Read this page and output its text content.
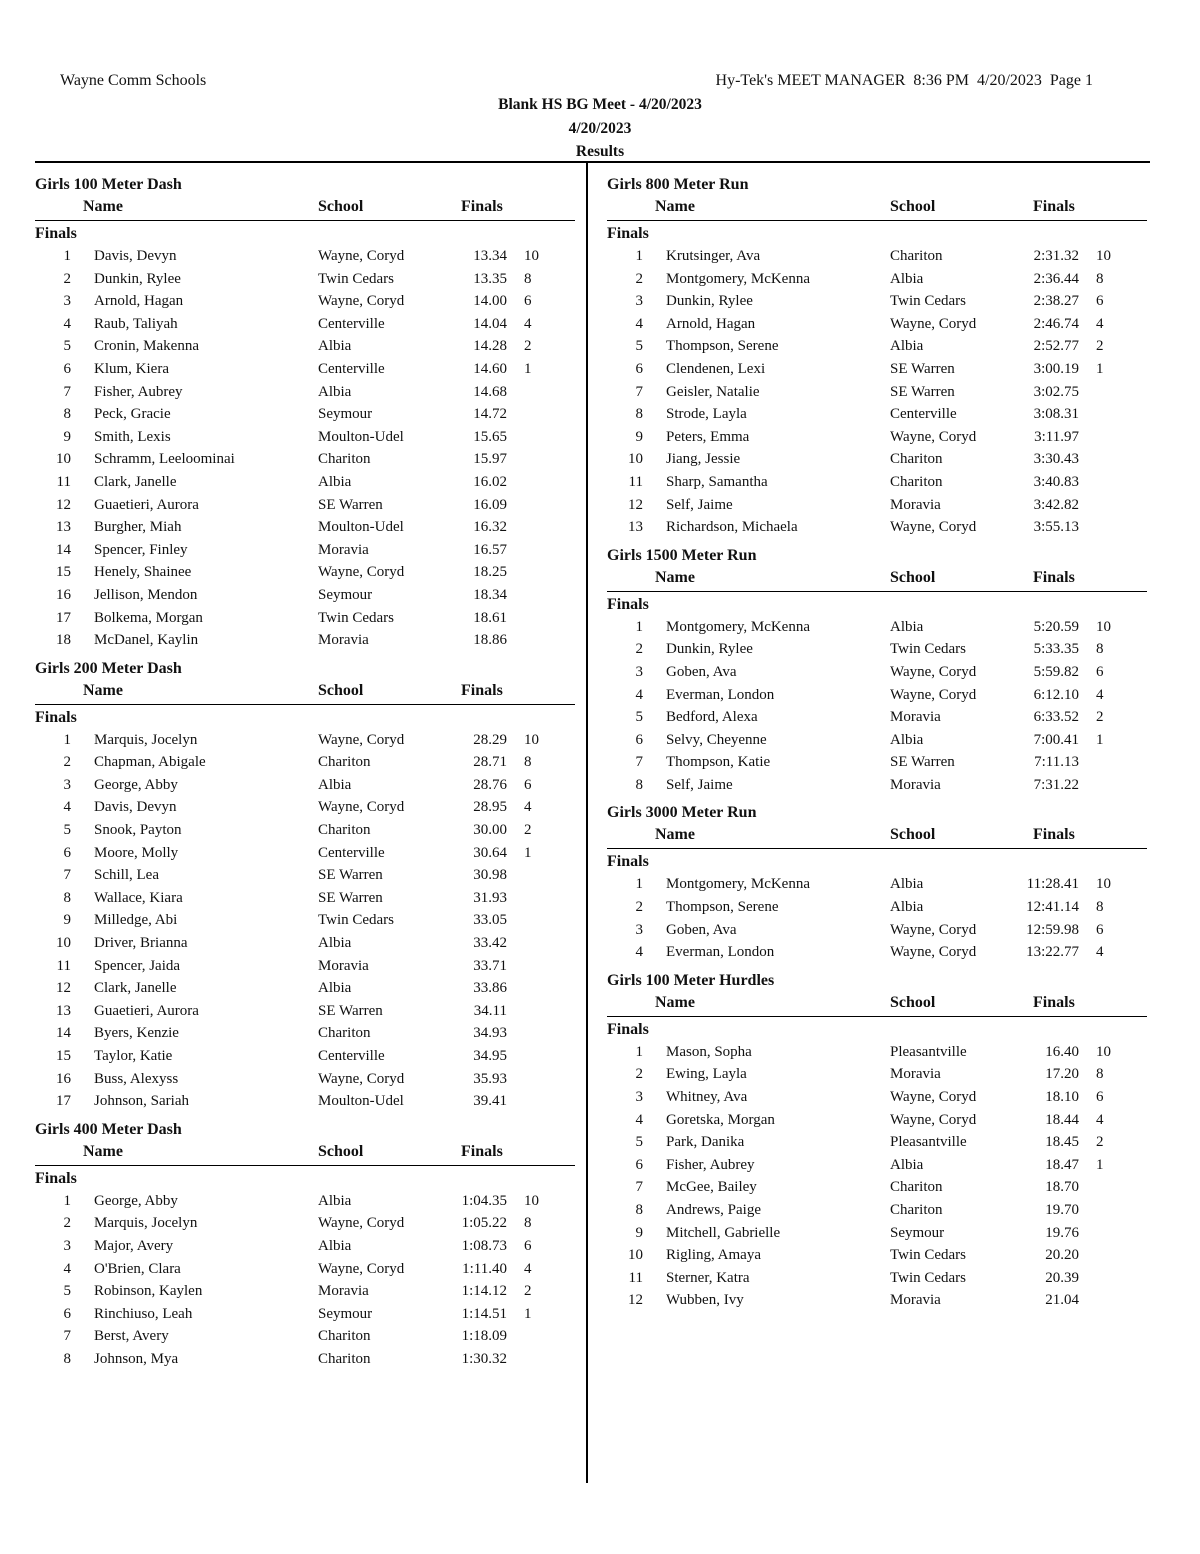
Wayne Comm Schools	Hy-Tek's MEET MANAGER  8:36 PM  4/20/2023  Page 1
Blank HS BG Meet - 4/20/2023
4/20/2023
Results
Girls 100 Meter Dash
Name	School	Finals
Finals
1 Davis, Devyn	Wayne, Coryd	13.34 10
2 Dunkin, Rylee	Twin Cedars	13.35 8
3 Arnold, Hagan	Wayne, Coryd	14.00 6
4 Raub, Taliyah	Centerville	14.04 4
5 Cronin, Makenna	Albia	14.28 2
6 Klum, Kiera	Centerville	14.60 1
7 Fisher, Aubrey	Albia	14.68
8 Peck, Gracie	Seymour	14.72
9 Smith, Lexis	Moulton-Udel	15.65
10 Schramm, Leeloominai	Chariton	15.97
11 Clark, Janelle	Albia	16.02
12 Guaetieri, Aurora	SE Warren	16.09
13 Burgher, Miah	Moulton-Udel	16.32
14 Spencer, Finley	Moravia	16.57
15 Henely, Shainee	Wayne, Coryd	18.25
16 Jellison, Mendon	Seymour	18.34
17 Bolkema, Morgan	Twin Cedars	18.61
18 McDanel, Kaylin	Moravia	18.86
Girls 200 Meter Dash
Name	School	Finals
Finals
1 Marquis, Jocelyn	Wayne, Coryd	28.29 10
2 Chapman, Abigale	Chariton	28.71 8
3 George, Abby	Albia	28.76 6
4 Davis, Devyn	Wayne, Coryd	28.95 4
5 Snook, Payton	Chariton	30.00 2
6 Moore, Molly	Centerville	30.64 1
7 Schill, Lea	SE Warren	30.98
8 Wallace, Kiara	SE Warren	31.93
9 Milledge, Abi	Twin Cedars	33.05
10 Driver, Brianna	Albia	33.42
11 Spencer, Jaida	Moravia	33.71
12 Clark, Janelle	Albia	33.86
13 Guaetieri, Aurora	SE Warren	34.11
14 Byers, Kenzie	Chariton	34.93
15 Taylor, Katie	Centerville	34.95
16 Buss, Alexyss	Wayne, Coryd	35.93
17 Johnson, Sariah	Moulton-Udel	39.41
Girls 400 Meter Dash
Name	School	Finals
Finals
1 George, Abby	Albia	1:04.35 10
2 Marquis, Jocelyn	Wayne, Coryd	1:05.22 8
3 Major, Avery	Albia	1:08.73 6
4 O'Brien, Clara	Wayne, Coryd	1:11.40 4
5 Robinson, Kaylen	Moravia	1:14.12 2
6 Rinchiuso, Leah	Seymour	1:14.51 1
7 Berst, Avery	Chariton	1:18.09
8 Johnson, Mya	Chariton	1:30.32
Girls 800 Meter Run
Name	School	Finals
Finals
1 Krutsinger, Ava	Chariton	2:31.32 10
2 Montgomery, McKenna	Albia	2:36.44 8
3 Dunkin, Rylee	Twin Cedars	2:38.27 6
4 Arnold, Hagan	Wayne, Coryd	2:46.74 4
5 Thompson, Serene	Albia	2:52.77 2
6 Clendenen, Lexi	SE Warren	3:00.19 1
7 Geisler, Natalie	SE Warren	3:02.75
8 Strode, Layla	Centerville	3:08.31
9 Peters, Emma	Wayne, Coryd	3:11.97
10 Jiang, Jessie	Chariton	3:30.43
11 Sharp, Samantha	Chariton	3:40.83
12 Self, Jaime	Moravia	3:42.82
13 Richardson, Michaela	Wayne, Coryd	3:55.13
Girls 1500 Meter Run
Name	School	Finals
Finals
1 Montgomery, McKenna	Albia	5:20.59 10
2 Dunkin, Rylee	Twin Cedars	5:33.35 8
3 Goben, Ava	Wayne, Coryd	5:59.82 6
4 Everman, London	Wayne, Coryd	6:12.10 4
5 Bedford, Alexa	Moravia	6:33.52 2
6 Selvy, Cheyenne	Albia	7:00.41 1
7 Thompson, Katie	SE Warren	7:11.13
8 Self, Jaime	Moravia	7:31.22
Girls 3000 Meter Run
Name	School	Finals
Finals
1 Montgomery, McKenna	Albia	11:28.41 10
2 Thompson, Serene	Albia	12:41.14 8
3 Goben, Ava	Wayne, Coryd	12:59.98 6
4 Everman, London	Wayne, Coryd	13:22.77 4
Girls 100 Meter Hurdles
Name	School	Finals
Finals
1 Mason, Sopha	Pleasantville	16.40 10
2 Ewing, Layla	Moravia	17.20 8
3 Whitney, Ava	Wayne, Coryd	18.10 6
4 Goretska, Morgan	Wayne, Coryd	18.44 4
5 Park, Danika	Pleasantville	18.45 2
6 Fisher, Aubrey	Albia	18.47 1
7 McGee, Bailey	Chariton	18.70
8 Andrews, Paige	Chariton	19.70
9 Mitchell, Gabrielle	Seymour	19.76
10 Rigling, Amaya	Twin Cedars	20.20
11 Sterner, Katra	Twin Cedars	20.39
12 Wubben, Ivy	Moravia	21.04
